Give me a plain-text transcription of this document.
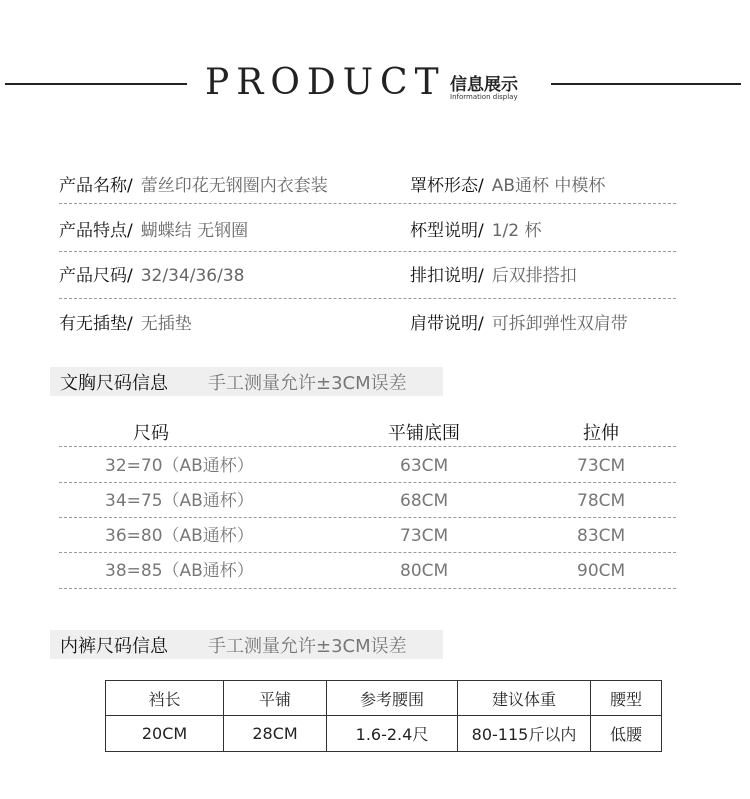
PRODUCT 信息展示
Information display
产品名称/ 蕾丝印花无钢圈内衣套装	罩杯形态/ AB通杯 中模杯
产品特点/ 蝴蝶结 无钢圈	杯型说明/ 1/2 杯
产品尺码/ 32/34/36/38	排扣说明/ 后双排搭扣
有无插垫/ 无插垫	肩带说明/ 可拆卸弹性双肩带
文胸尺码信息 手工测量允许±3CM误差
尺码	平铺底围	拉伸
32=70（AB通杯）	63CM	73CM
34=75（AB通杯）	68CM	78CM
36=80（AB通杯）	73CM	83CM
38=85（AB通杯）	80CM	90CM
内裤尺码信息 手工测量允许±3CM误差
裆长	平铺	参考腰围	建议体重	腰型
20CM	28CM	1.6-2.4尺	80-115斤以内	低腰
